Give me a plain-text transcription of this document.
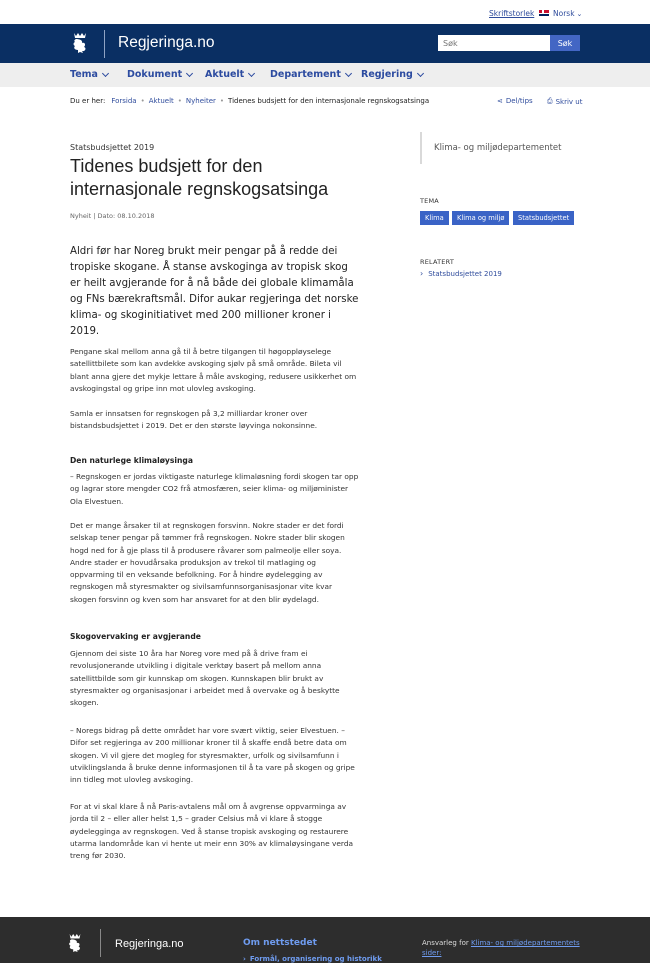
Skriftstorlek Norsk ⌄
Regjeringa.no
Søk	Søk
Tema	Dokument Aktuelt	Departement Regjering
Du er her: Forsida • Aktuelt • Nyheiter • Tidenes budsjett for den internasjonale regnskogsatsinga	⋖ Del/tips ⎙ Skriv ut
Statsbudsjettet 2019
Tidenes budsjett for den internasjonale regnskogsatsinga
Nyheit | Dato: 08.10.2018

Aldri før har Noreg brukt meir pengar på å redde dei tropiske skogane. Å stanse avskoginga av tropisk skog er heilt avgjerande for å nå både dei globale klimamåla og FNs bærekraftsmål. Difor aukar regjeringa det norske klima- og skoginitiativet med 200 millioner kroner i 2019.

Pengane skal mellom anna gå til å betre tilgangen til høgoppløyselege satellittbilete som kan avdekke avskoging sjølv på små område. Bileta vil blant anna gjere det mykje lettare å måle avskoging, redusere usikkerhet om avskogingstal og gripe inn mot ulovleg avskoging.

Samla er innsatsen for regnskogen på 3,2 milliardar kroner over bistandsbudsjettet i 2019. Det er den største løyvinga nokonsinne.

Den naturlege klimaløysinga

– Regnskogen er jordas viktigaste naturlege klimaløsning fordi skogen tar opp og lagrar store mengder CO2 frå atmosfæren, seier klima- og miljøminister Ola Elvestuen.

Det er mange årsaker til at regnskogen forsvinn. Nokre stader er det fordi selskap tener pengar på tømmer frå regnskogen. Nokre stader blir skogen hogd ned for å gje plass til å produsere råvarer som palmeolje eller soya. Andre stader er hovudårsaka produksjon av trekol til matlaging og oppvarming til en veksande befolkning. For å hindre øydelegging av regnskogen må styresmakter og sivilsamfunnsorganisasjonar vite kvar skogen forsvinn og kven som har ansvaret for at den blir øydelagd.

Skogovervaking er avgjerande

Gjennom dei siste 10 åra har Noreg vore med på å drive fram ei revolusjonerande utvikling i digitale verktøy basert på mellom anna satellittbilde som gir kunnskap om skogen. Kunnskapen blir brukt av styresmakter og organisasjonar i arbeidet med å overvake og å beskytte skogen.

– Noregs bidrag på dette området har vore svært viktig, seier Elvestuen. – Difor set regjeringa av 200 millionar kroner til å skaffe endå betre data om skogen. Vi vil gjere det mogleg for styresmakter, urfolk og sivilsamfunn i utviklingslanda å bruke denne informasjonen til å ta vare på skogen og gripe inn tidleg mot ulovleg avskoging.

For at vi skal klare å nå Paris-avtalens mål om å avgrense oppvarminga av jorda til 2 – eller aller helst 1,5 – grader Celsius må vi klare å stogge øydelegginga av regnskogen. Ved å stanse tropisk avskoging og restaurere utarma landområde kan vi hente ut meir enn 30% av klimaløysingane verda treng før 2030.

Klima- og miljødepartementet
TEMA
Klima	Klima og miljø	Statsbudsjettet
RELATERT
› Statsbudsjettet 2019
Regjeringa.no	Om nettstedet
› Formål, organisering og historikk
Ansvarleg for Klima- og miljødepartementets sider:
